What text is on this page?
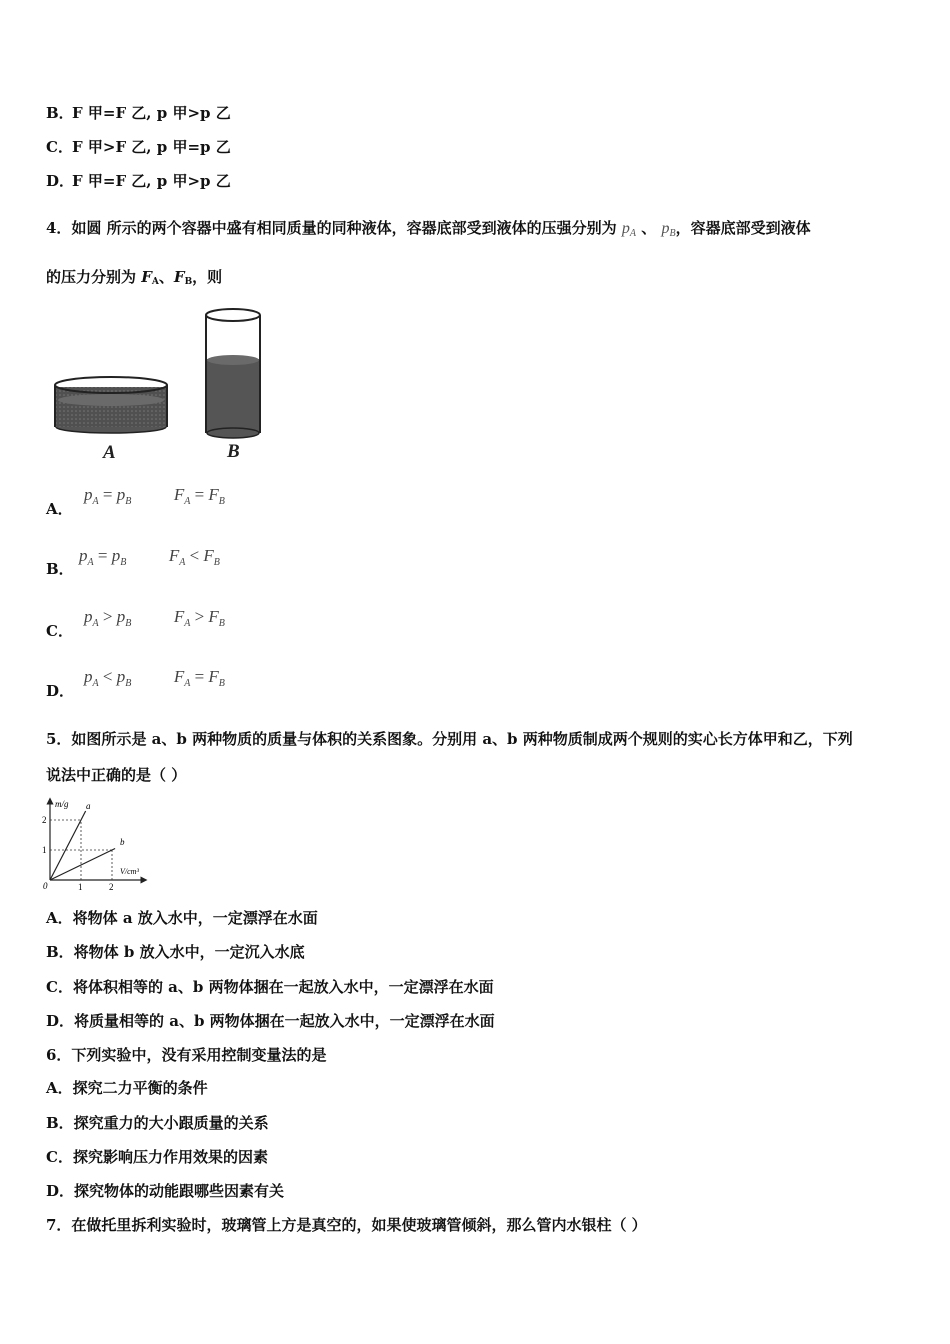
B．
F 甲=F 乙, p 甲>p 乙
C． F 甲>F 乙, p 甲=p 乙
D．
F 甲=F 乙, p 甲>p 乙
4．如圆 所示的两个容器中盛有相同质量的同种液体，容器底部受到液体的压强分别为 pA 、 pB，容器底部受到液体
的压力分别为 $F_A$、$F_B$，则
A	B
A．
$p_A = p_B$	$F_A = F_B$
B．
$p_A = p_B$	$F_A < F_B$
C．
$p_A > p_B$	$F_A > F_B$
D．
$p_A < p_B$	$F_A = F_B$
5．如图所示是 a、b 两种物质的质量与体积的关系图象。分别用 a、b 两种物质制成两个规则的实心长方体甲和乙，下列
说法中正确的是（ ）
m/g
V/cm³
0	1	2
1
2
a
b
A．将物体 a 放入水中，一定漂浮在水面
B．将物体 b 放入水中，一定沉入水底
C．将体积相等的 a、b 两物体捆在一起放入水中，一定漂浮在水面
D．将质量相等的 a、b 两物体捆在一起放入水中，一定漂浮在水面
6．下列实验中，没有采用控制变量法的是
A．探究二力平衡的条件
B．探究重力的大小跟质量的关系
C．探究影响压力作用效果的因素
D．探究物体的动能跟哪些因素有关
7．在做托里拆利实验时，玻璃管上方是真空的，如果使玻璃管倾斜，那么管内水银柱（ ）
